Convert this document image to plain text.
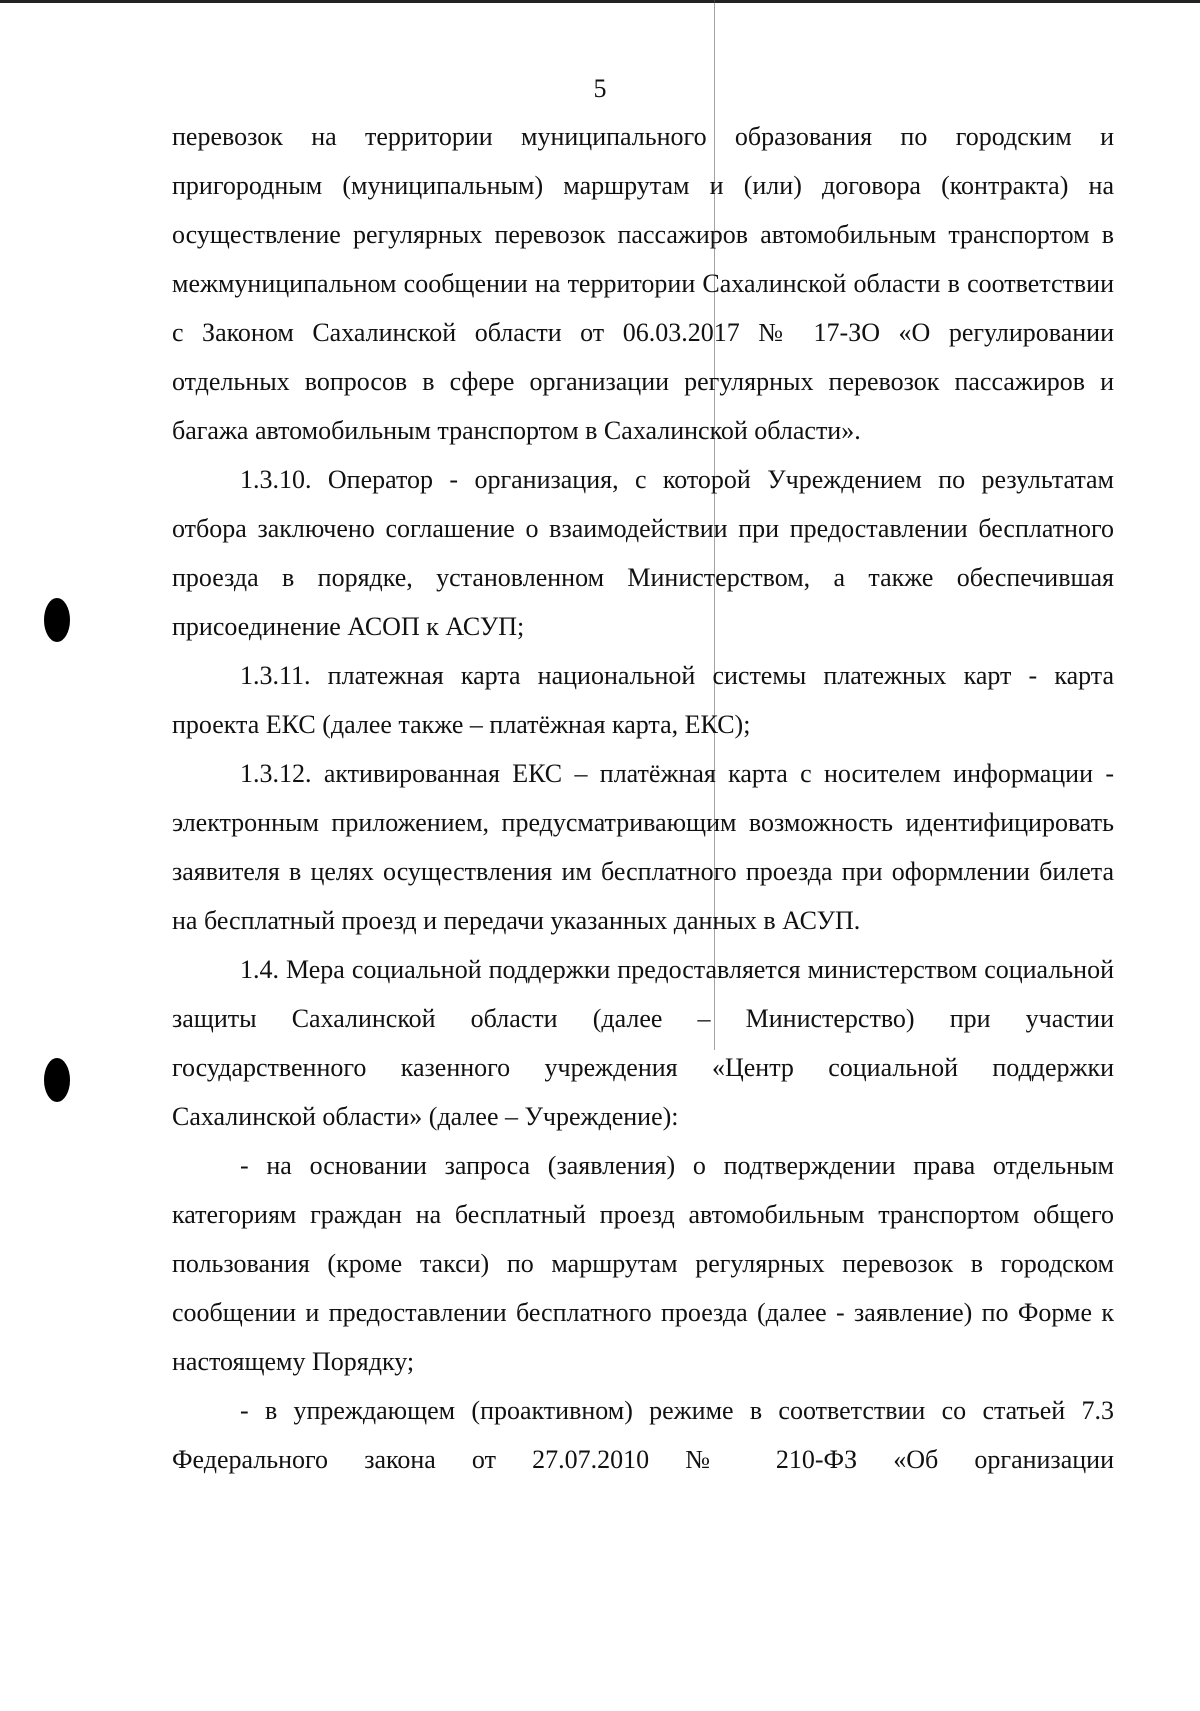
5

перевозок на территории муниципального образования по городским и пригородным (муниципальным) маршрутам и (или) договора (контракта) на осуществление регулярных перевозок пассажиров автомобильным транспортом в межмуниципальном сообщении на территории Сахалинской области в соответствии с Законом Сахалинской области от 06.03.2017 № 17-ЗО «О регулировании отдельных вопросов в сфере организации регулярных перевозок пассажиров и багажа автомобильным транспортом в Сахалинской области».

1.3.10. Оператор - организация, с которой Учреждением по результатам отбора заключено соглашение о взаимодействии при предоставлении бесплатного проезда в порядке, установленном Министерством, а также обеспечившая присоединение АСОП к АСУП;

1.3.11. платежная карта национальной системы платежных карт - карта проекта ЕКС (далее также – платёжная карта, ЕКС);

1.3.12. активированная ЕКС – платёжная карта с носителем информации - электронным приложением, предусматривающим возможность идентифицировать заявителя в целях осуществления им бесплатного проезда при оформлении билета на бесплатный проезд и передачи указанных данных в АСУП.

1.4. Мера социальной поддержки предоставляется министерством социальной защиты Сахалинской области (далее – Министерство) при участии государственного казенного учреждения «Центр социальной поддержки Сахалинской области» (далее – Учреждение):

- на основании запроса (заявления) о подтверждении права отдельным категориям граждан на бесплатный проезд автомобильным транспортом общего пользования (кроме такси) по маршрутам регулярных перевозок в городском сообщении и предоставлении бесплатного проезда (далее - заявление) по Форме к настоящему Порядку;

- в упреждающем (проактивном) режиме в соответствии со статьей 7.3 Федерального закона от 27.07.2010 № 210-ФЗ «Об организации
